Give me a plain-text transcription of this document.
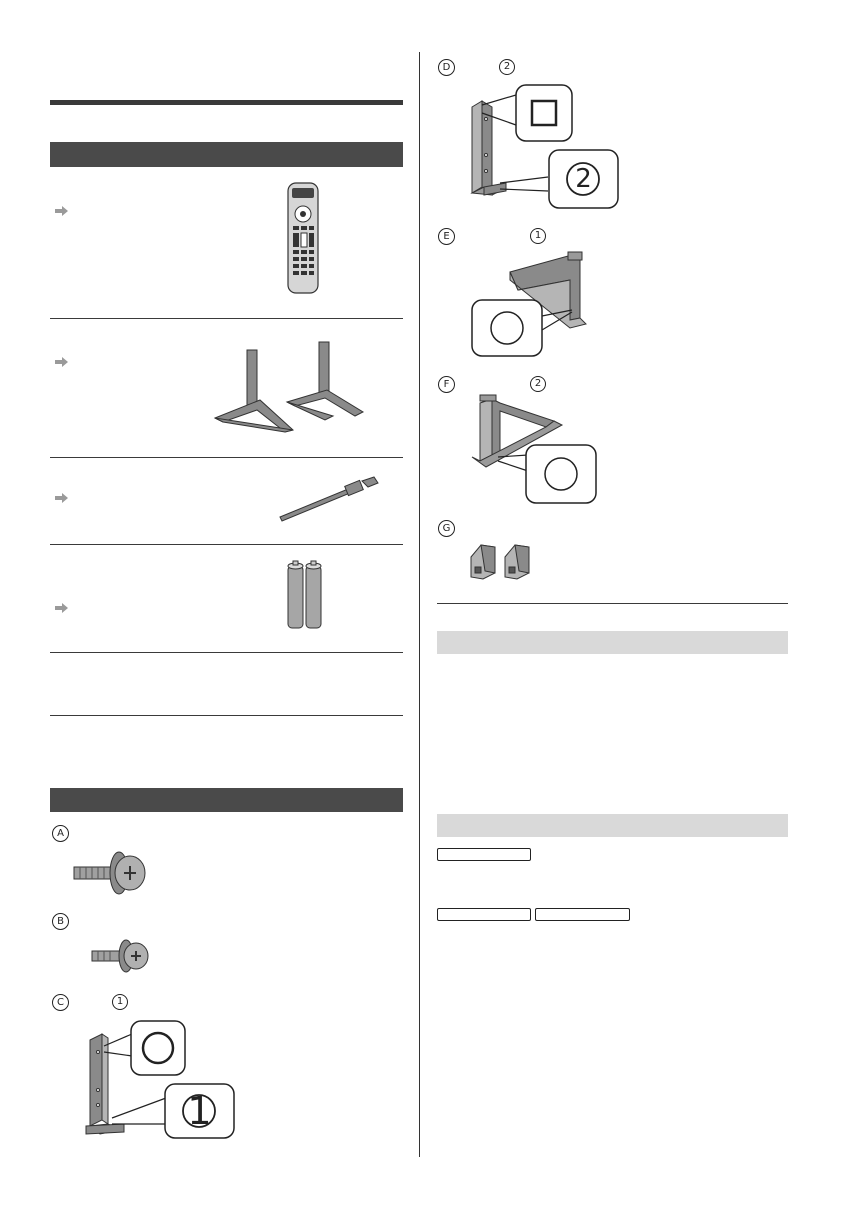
A
B
C	1
1
D	2
2
E	1
F	2
G
